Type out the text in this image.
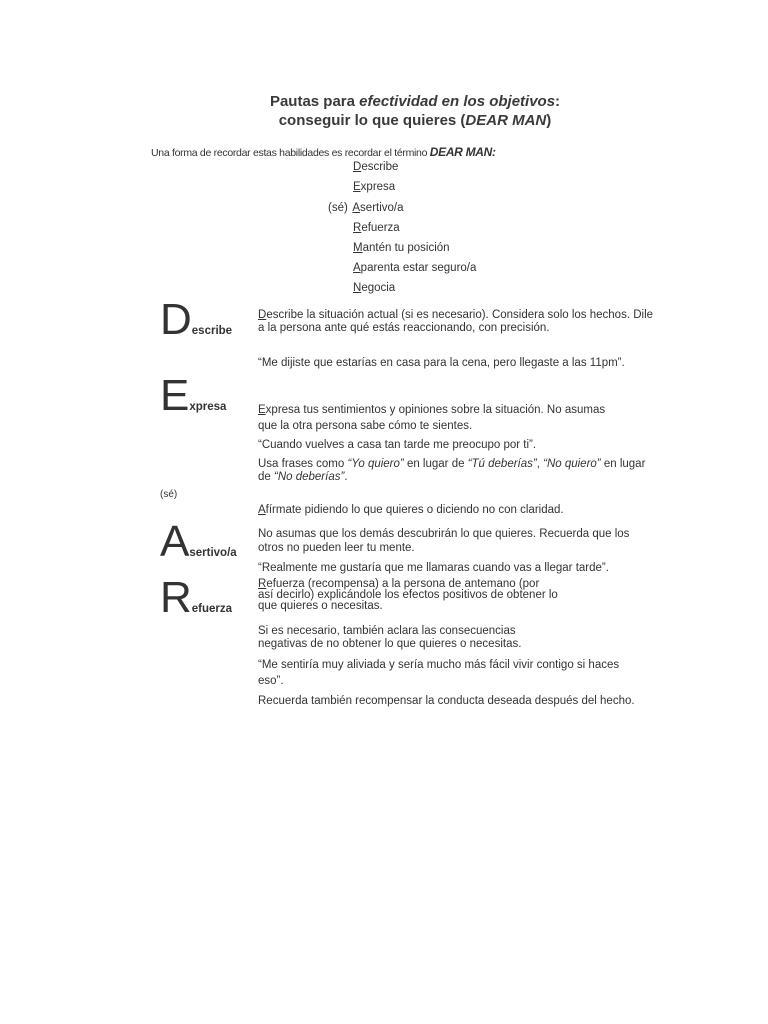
Pautas para efectividad en los objetivos:
conseguir lo que quieres (DEAR MAN)
Una forma de recordar estas habilidades es recordar el término DEAR MAN:
Describe
Expresa
(sé) Asertivo/a
Refuerza
Mantén tu posición
Aparenta estar seguro/a
Negocia
Describe
Describe la situación actual (si es necesario). Considera solo los hechos. Dile a la persona ante qué estás reaccionando, con precisión.
“Me dijiste que estarías en casa para la cena, pero llegaste a las 11pm”.
Expresa	Expresa tus sentimientos y opiniones sobre la situación. No asumas que la otra persona sabe cómo te sientes.
“Cuando vuelves a casa tan tarde me preocupo por ti”.
Usa frases como “Yo quiero” en lugar de “Tú deberías”, “No quiero” en lugar de “No deberías”.
(sé)
Afírmate pidiendo lo que quieres o diciendo no con claridad.
Asertivo/a
No asumas que los demás descubrirán lo que quieres. Recuerda que los otros no pueden leer tu mente.
“Realmente me gustaría que me llamaras cuando vas a llegar tarde”.
Refuerza
Refuerza (recompensa) a la persona de antemano (por
así decirlo) explicándole los efectos positivos de obtener lo
que quieres o necesitas.
Si es necesario, también aclara las consecuencias negativas de no obtener lo que quieres o necesitas.
“Me sentiría muy aliviada y sería mucho más fácil vivir contigo si haces eso”.
Recuerda también recompensar la conducta deseada después del hecho.
